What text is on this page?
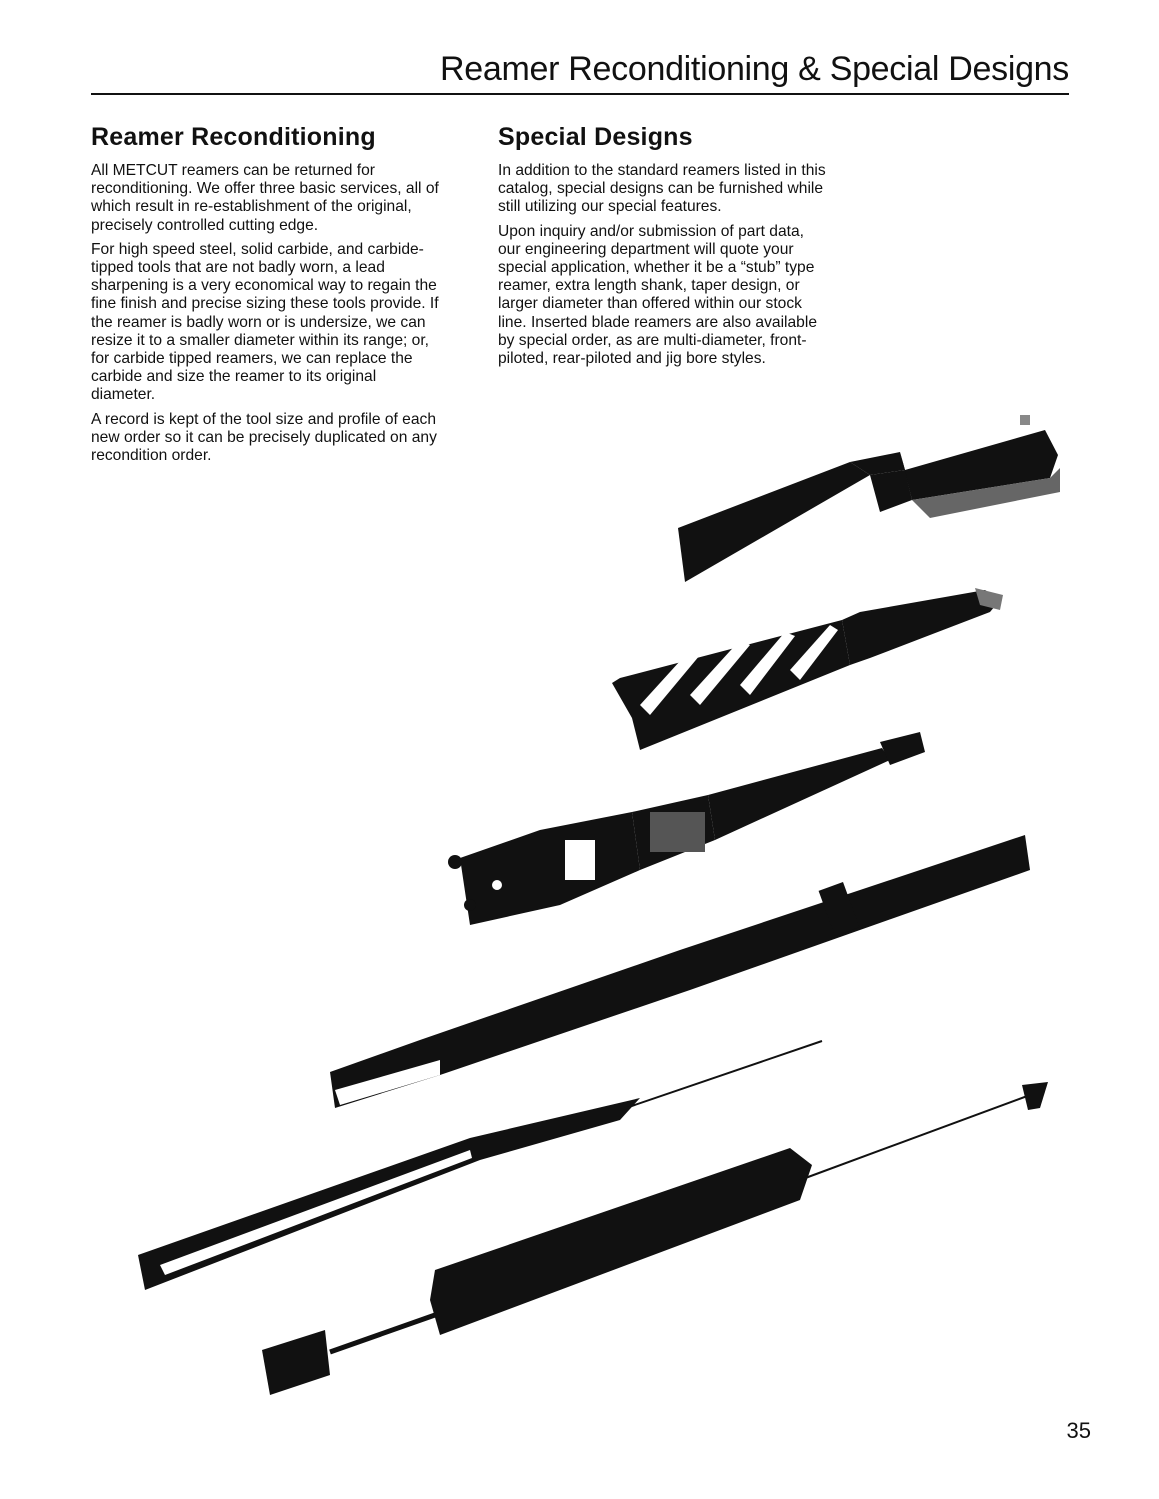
Reamer Reconditioning & Special Designs
Reamer Reconditioning

All METCUT reamers can be returned for reconditioning. We offer three basic services, all of which result in re-establishment of the original, precisely controlled cutting edge.

For high speed steel, solid carbide, and carbide-tipped tools that are not badly worn, a lead sharpening is a very economical way to regain the fine finish and precise sizing these tools provide. If the reamer is badly worn or is undersize, we can resize it to a smaller diameter within its range; or, for carbide tipped reamers, we can replace the carbide and size the reamer to its original diameter.

A record is kept of the tool size and profile of each new order so it can be precisely duplicated on any recondition order.

Special Designs

In addition to the standard reamers listed in this catalog, special designs can be furnished while still utilizing our special features.

Upon inquiry and/or submission of part data, our engineering department will quote your special application, whether it be a “stub” type reamer, extra length shank, taper design, or larger diameter than offered within our stock line. Inserted blade reamers are also available by special order, as are multi-diameter, front-piloted, rear-piloted and jig bore styles.

35
